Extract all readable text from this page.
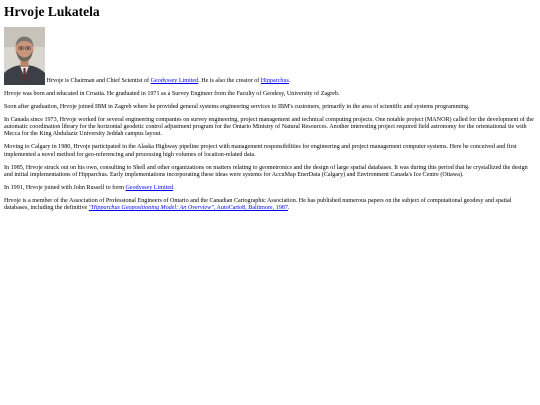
Hrvoje Lukatela

Hrvoje is Chairman and Chief Scientist of Geodyssey Limited. He is also the creator of Hipparchus.

Hrvoje was born and educated in Croatia. He graduated in 1971 as a Survey Engineer from the Faculty of Geodesy, University of Zagreb.

Soon after graduation, Hrvoje joined IBM in Zagreb where he provided general systems engineering services to IBM's customers, primarily in the area of scientific and systems programming.

In Canada since 1973, Hrvoje worked for several engineering companies on survey engineering, project management and technical computing projects. One notable project (MANOR) called for the development of the automatic coordination library for the horizontal geodetic control adjustment program for the Ontario Ministry of Natural Resources. Another interesting project required field astronomy for the orientational tie with Mecca for the King Abdulaziz University Jeddah campus layout.

Moving to Calgary in 1980, Hrvoje participated in the Alaska Highway pipeline project with management responsibilities for engineering and project management computer systems. Here he conceived and first implemented a novel method for geo-referencing and processing high volumes of location-related data.

In 1985, Hrvoje struck out on his own, consulting to Shell and other organizations on matters relating to geometronics and the design of large spatial databases. It was during this period that he crystallized the design and initial implementations of Hipparchus. Early implementations incorporating these ideas were systems for AccuMap EnerData (Calgary) and Environment Canada's Ice Centre (Ottawa).

In 1991, Hrvoje joined with John Russell to form Geodyssey Limited.

Hrvoje is a member of the Association of Professional Engineers of Ontario and the Canadian Cartographic Association. He has published numerous papers on the subject of computational geodesy and spatial databases, including the definitive "Hipparchus Geopositioning Model: An Overview", AutoCarto8, Baltimore, 1987.
